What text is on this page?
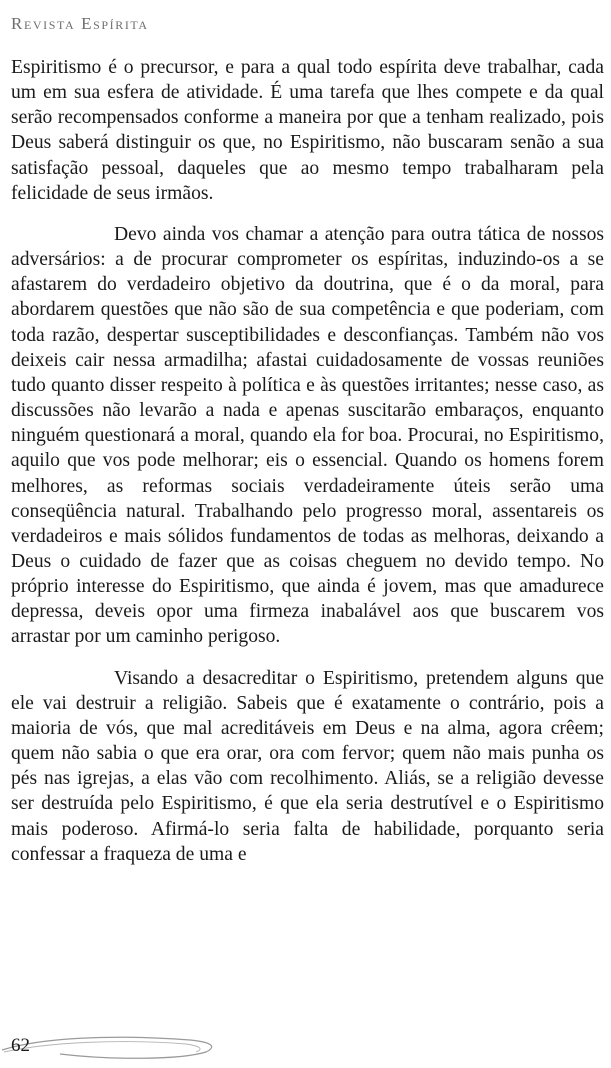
Revista Espírita

Espiritismo é o precursor, e para a qual todo espírita deve trabalhar, cada um em sua esfera de atividade. É uma tarefa que lhes compete e da qual serão recompensados conforme a maneira por que a tenham realizado, pois Deus saberá distinguir os que, no Espiritismo, não buscaram senão a sua satisfação pessoal, daqueles que ao mesmo tempo trabalharam pela felicidade de seus irmãos.

Devo ainda vos chamar a atenção para outra tática de nossos adversários: a de procurar comprometer os espíritas, induzindo-os a se afastarem do verdadeiro objetivo da doutrina, que é o da moral, para abordarem questões que não são de sua competência e que poderiam, com toda razão, despertar susceptibilidades e desconfianças. Também não vos deixeis cair nessa armadilha; afastai cuidadosamente de vossas reuniões tudo quanto disser respeito à política e às questões irritantes; nesse caso, as discussões não levarão a nada e apenas suscitarão embaraços, enquanto ninguém questionará a moral, quando ela for boa. Procurai, no Espiritismo, aquilo que vos pode melhorar; eis o essencial. Quando os homens forem melhores, as reformas sociais verdadeiramente úteis serão uma conseqüência natural. Trabalhando pelo progresso moral, assentareis os verdadeiros e mais sólidos fundamentos de todas as melhoras, deixando a Deus o cuidado de fazer que as coisas cheguem no devido tempo. No próprio interesse do Espiritismo, que ainda é jovem, mas que amadurece depressa, deveis opor uma firmeza inabalável aos que buscarem vos arrastar por um caminho perigoso.

Visando a desacreditar o Espiritismo, pretendem alguns que ele vai destruir a religião. Sabeis que é exatamente o contrário, pois a maioria de vós, que mal acreditáveis em Deus e na alma, agora crêem; quem não sabia o que era orar, ora com fervor; quem não mais punha os pés nas igrejas, a elas vão com recolhimento. Aliás, se a religião devesse ser destruída pelo Espiritismo, é que ela seria destrutível e o Espiritismo mais poderoso. Afirmá-lo seria falta de habilidade, porquanto seria confessar a fraqueza de uma e

62
